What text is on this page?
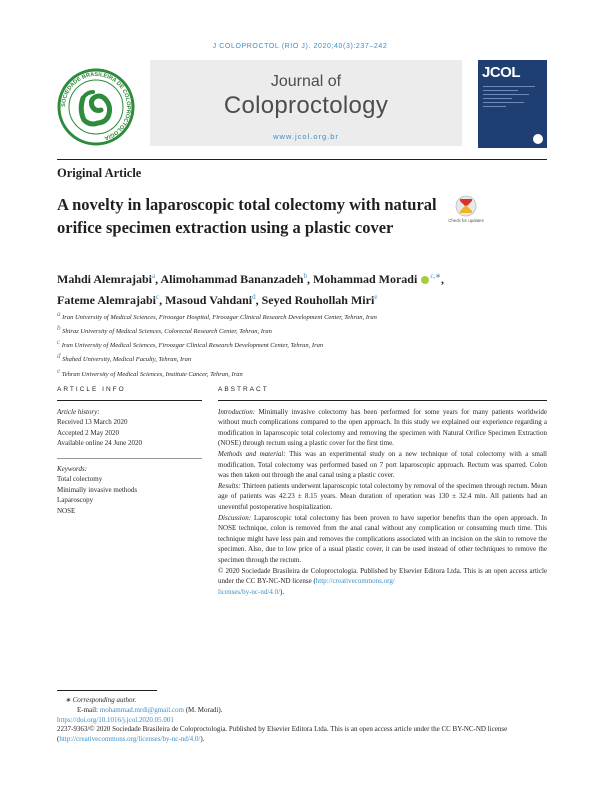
J COLOPROCTOL (RIO J). 2020;40(3):237–242
SOCIEDADE BRASILEIRA DE COLOPROCTOLOGIA
Journal of
Coloproctology
www.jcol.org.br
JCOL
Original Article
A novelty in laparoscopic total colectomy with natural orifice specimen extraction using a plastic cover	Check for updates
Mahdi Alemrajabi$^a$, Alimohammad Bananzadeh$^b$, Mohammad Moradi $^{c,∗}$, Fateme Alemrajabi$^c$, Masoud Vahdani$^d$, Seyed Rouhollah Miri$^e$
$^a$ Iran University of Medical Sciences, Firoozgar Hospital, Firoozgar Clinical Research Development Center, Tehran, Iran
$^b$ Shiraz University of Medical Sciences, Colorectal Research Center, Tehran, Iran
$^c$ Iran University of Medical Sciences, Firoozgar Clinical Research Development Center, Tehran, Iran
$^d$ Shahed University, Medical Faculty, Tehran, Iran
$^e$ Tehran University of Medical Sciences, Institute Cancer, Tehran, Iran
ARTICLE INFO
Article history:
Received 13 March 2020
Accepted 2 May 2020
Available online 24 June 2020
Keywords:
Total colectomy
Minimally invasive methods
Laparoscopy
NOSE
ABSTRACT

Introduction: Minimally invasive colectomy has been performed for some years for many patients worldwide without much complications compared to the open approach. In this study we explained our experience regarding a modification in laparoscopic total colectomy and removing the specimen with Natural Orifice Specimen Extraction (NOSE) through rectum using a plastic cover for the first time.

Methods and material: This was an experimental study on a new technique of total colectomy with a small modification. Total colectomy was performed based on 7 port laparoscopic approach. Rectum was sparred. Colon was then taken out through the anal canal using a plastic cover.

Results: Thirteen patients underwent laparoscopic total colectomy by removal of the specimen through rectum. Mean age of patients was 42.23 ± 8.15 years. Mean duration of operation was 130 ± 32.4 min. All patients had an uneventful postoperative hospitalization.

Discussion: Laparoscopic total colectomy has been proven to have superior benefits than the open approach. In NOSE technique, colon is removed from the anal canal without any complication or consuming much time. This technique might have less pain and removes the complications associated with an incision on the skin to remove the specimen. Also, due to low price of a usual plastic cover, it can be used instead of other techniques to remove the specimen through the rectum.

© 2020 Sociedade Brasileira de Coloproctologia. Published by Elsevier Editora Ltda. This is an open access article under the CC BY-NC-ND license (http://creativecommons.org/
licenses/by-nc-nd/4.0/).

∗ Corresponding author.
E-mail: mohammad.mrdi@gmail.com (M. Moradi).
https://doi.org/10.1016/j.jcol.2020.05.001
2237-9363/© 2020 Sociedade Brasileira de Coloproctologia. Published by Elsevier Editora Ltda. This is an open access article under the CC BY-NC-ND license (http://creativecommons.org/licenses/by-nc-nd/4.0/).
